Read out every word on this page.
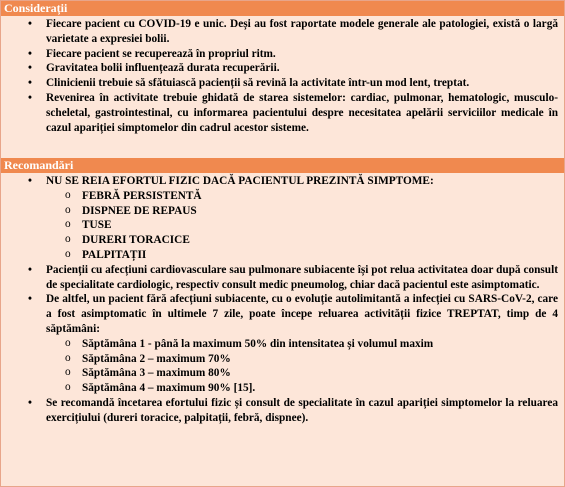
Considerații
• Fiecare pacient cu COVID-19 e unic. Deși au fost raportate modele generale ale patologiei, există o largă varietate a expresiei bolii.
• Fiecare pacient se recuperează în propriul ritm.
• Gravitatea bolii influențează durata recuperării.
• Clinicienii trebuie să sfătuiască pacienții să revină la activitate într-un mod lent, treptat.
• Revenirea în activitate trebuie ghidată de starea sistemelor: cardiac, pulmonar, hematologic, musculo-scheletal, gastrointestinal, cu informarea pacientului despre necesitatea apelării serviciilor medicale în cazul apariției simptomelor din cadrul acestor sisteme.
Recomandări
• NU SE REIA EFORTUL FIZIC DACĂ PACIENTUL PREZINTĂ SIMPTOME:
o FEBRĂ PERSISTENTĂ
o DISPNEE DE REPAUS
o TUSE
o DURERI TORACICE
o PALPITAȚII
• Pacienții cu afecțiuni cardiovasculare sau pulmonare subiacente își pot relua activitatea doar după consult de specialitate cardiologic, respectiv consult medic pneumolog, chiar dacă pacientul este asimptomatic.
• De altfel, un pacient fără afecțiuni subiacente, cu o evoluție autolimitantă a infecției cu SARS-CoV-2, care a fost asimptomatic în ultimele 7 zile, poate începe reluarea activității fizice TREPTAT, timp de 4 săptămâni:
o Săptămâna 1 - până la maximum 50% din intensitatea și volumul maxim
o Săptămâna 2 – maximum 70%
o Săptămâna 3 – maximum 80%
o Săptămâna 4 – maximum 90% [15].
• Se recomandă încetarea efortului fizic și consult de specialitate în cazul apariției simptomelor la reluarea exercițiului (dureri toracice, palpitații, febră, dispnee).
